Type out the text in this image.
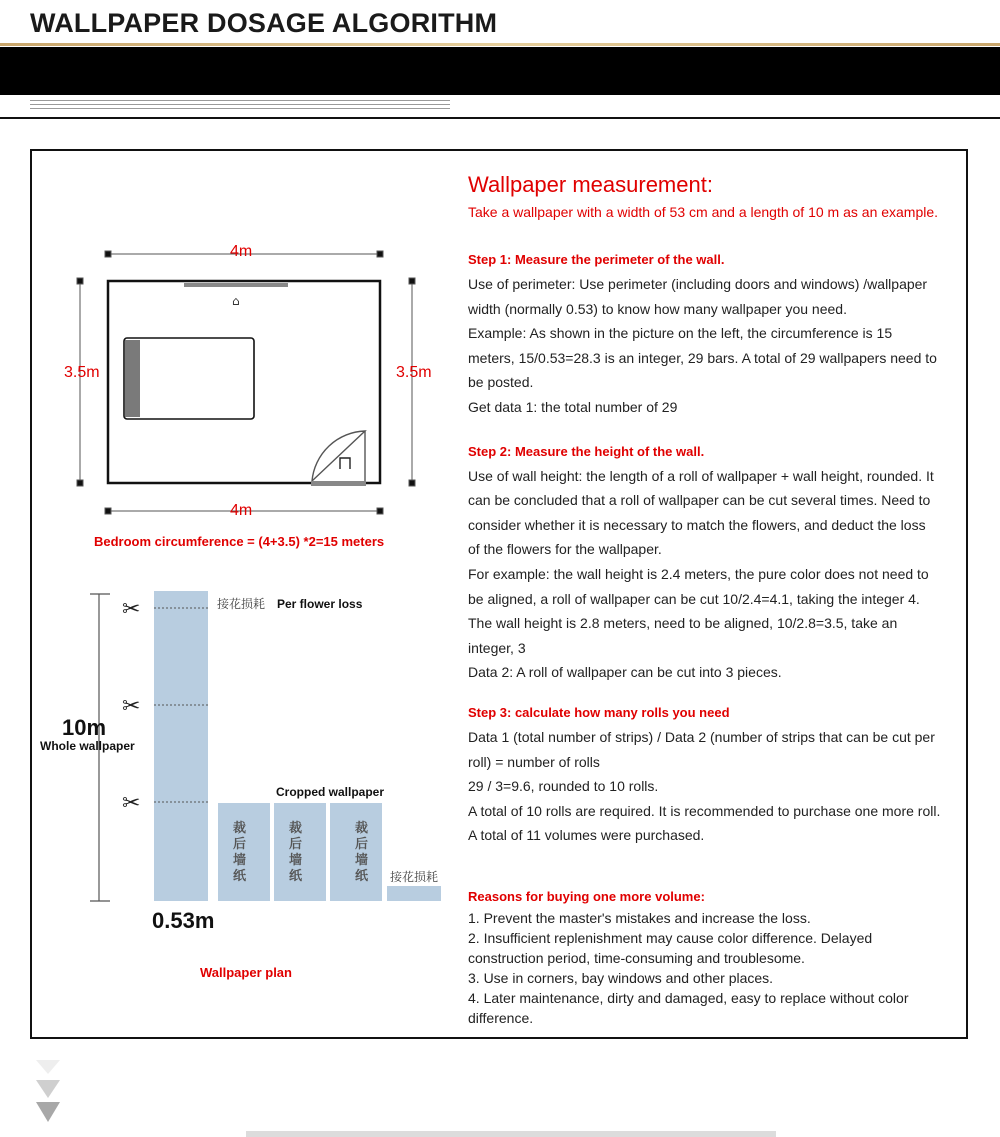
WALLPAPER DOSAGE ALGORITHM
⌂
✂
✂
✂
4m
4m
3.5m	3.5m
Bedroom circumference = (4+3.5) *2=15 meters
接花损耗 Per flower loss
10m
Whole wallpaper
Cropped wallpaper
裁后墙纸
裁后墙纸
裁后墙纸 接花损耗
0.53m
Wallpaper plan
Wallpaper measurement:
Take a wallpaper with a width of 53 cm and a length of 10 m as an example.
Step 1: Measure the perimeter of the wall.
Use of perimeter: Use perimeter (including doors and windows) /wallpaper
width (normally 0.53) to know how many wallpaper you need.
Example: As shown in the picture on the left, the circumference is 15
meters, 15/0.53=28.3 is an integer, 29 bars. A total of 29 wallpapers need to
be posted.
Get data 1: the total number of 29
Step 2: Measure the height of the wall.
Use of wall height: the length of a roll of wallpaper + wall height, rounded. It
can be concluded that a roll of wallpaper can be cut several times. Need to
consider whether it is necessary to match the flowers, and deduct the loss
of the flowers for the wallpaper.
For example: the wall height is 2.4 meters, the pure color does not need to
be aligned, a roll of wallpaper can be cut 10/2.4=4.1, taking the integer 4.
The wall height is 2.8 meters, need to be aligned, 10/2.8=3.5, take an
integer, 3
Data 2: A roll of wallpaper can be cut into 3 pieces.
Step 3: calculate how many rolls you need
Data 1 (total number of strips) / Data 2 (number of strips that can be cut per
roll) = number of rolls
29 / 3=9.6, rounded to 10 rolls.
A total of 10 rolls are required. It is recommended to purchase one more roll.
A total of 11 volumes were purchased.
Reasons for buying one more volume:
1. Prevent the master's mistakes and increase the loss.
2. Insufficient replenishment may cause color difference. Delayed
construction period, time-consuming and troublesome.
3. Use in corners, bay windows and other places.
4. Later maintenance, dirty and damaged, easy to replace without color
difference.
